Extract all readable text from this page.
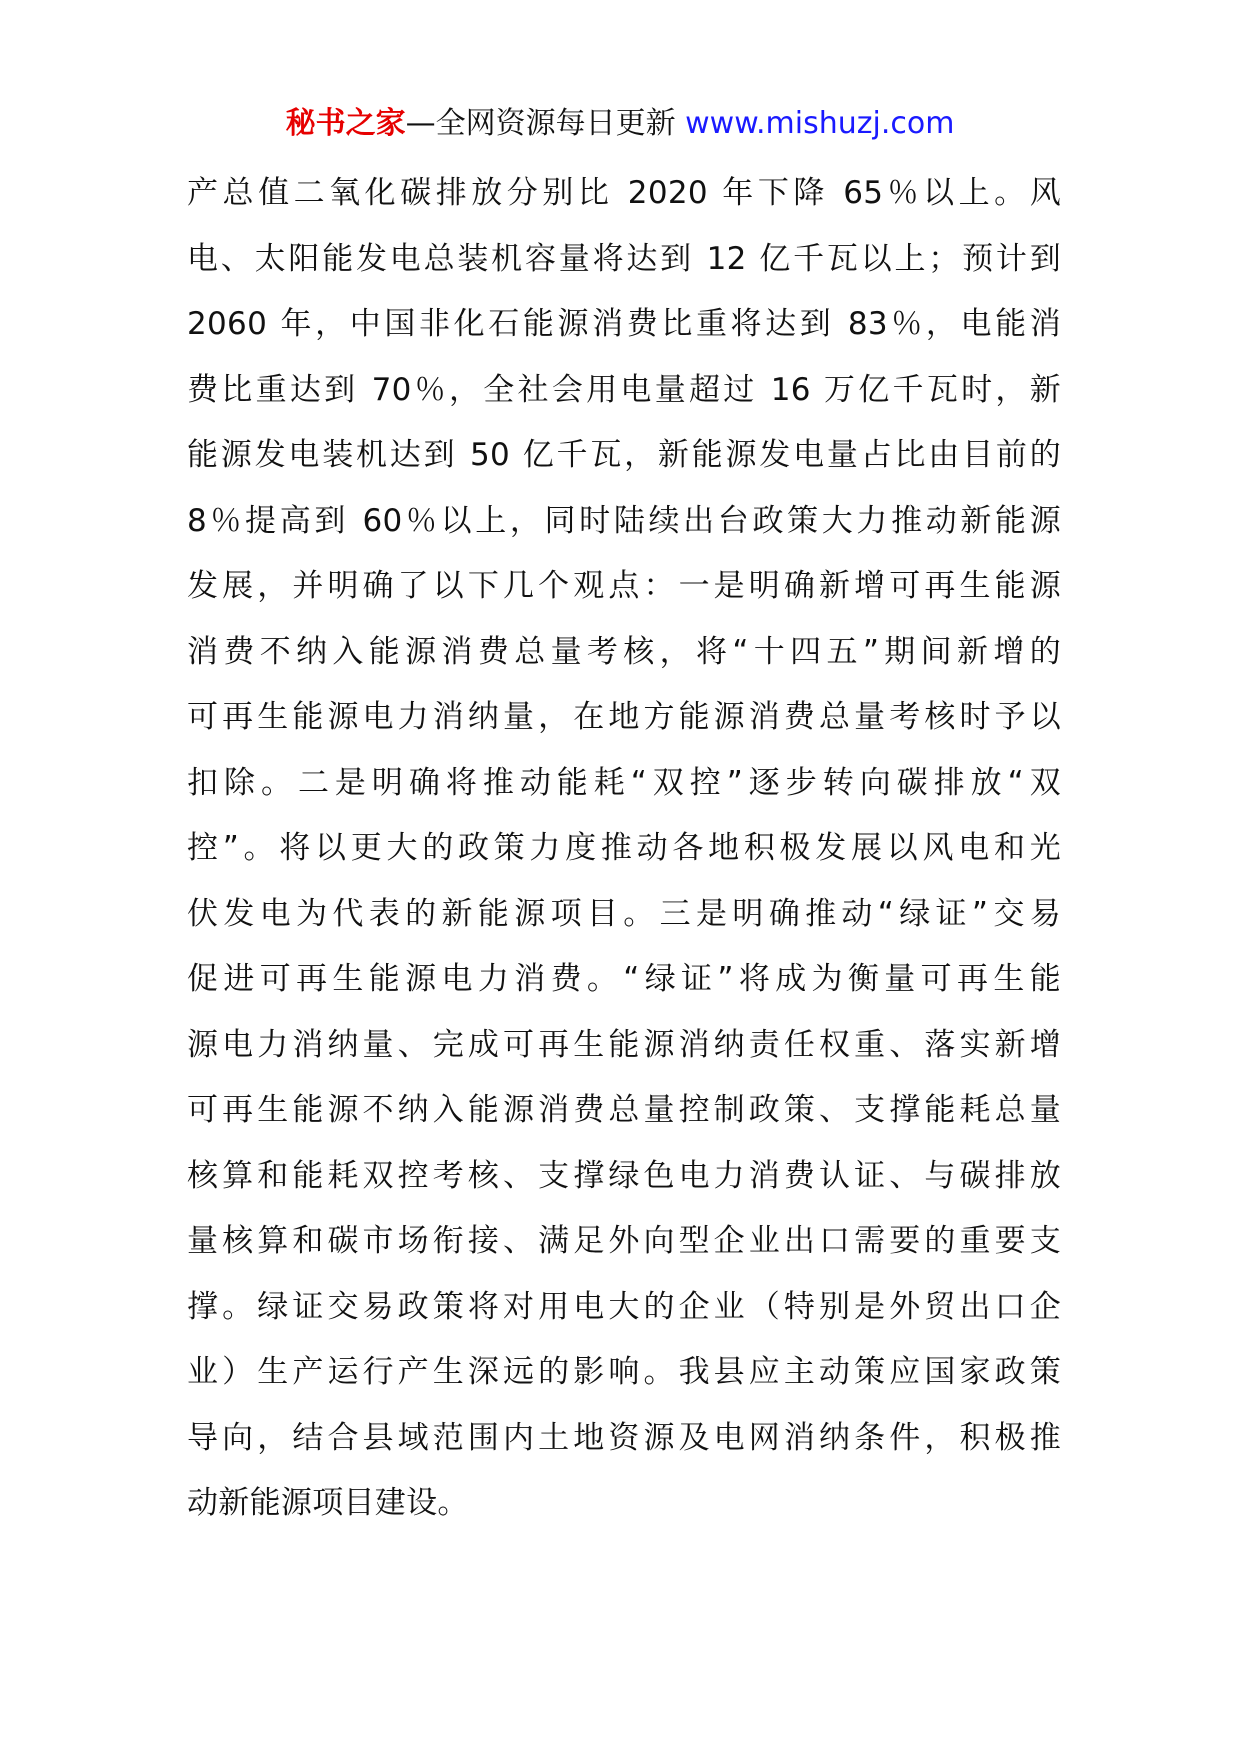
秘书之家—全网资源每日更新 www.mishuzj.com
产总值二氧化碳排放分别比 2020 年下降 65％以上。风
电、太阳能发电总装机容量将达到 12 亿千瓦以上；预计到
2060 年，中国非化石能源消费比重将达到 83％，电能消
费比重达到 70％，全社会用电量超过 16 万亿千瓦时，新
能源发电装机达到 50 亿千瓦，新能源发电量占比由目前的
8％提高到 60％以上，同时陆续出台政策大力推动新能源
发展，并明确了以下几个观点：一是明确新增可再生能源
消费不纳入能源消费总量考核，将“十四五”期间新增的
可再生能源电力消纳量，在地方能源消费总量考核时予以
扣除。二是明确将推动能耗“双控”逐步转向碳排放“双
控”。将以更大的政策力度推动各地积极发展以风电和光
伏发电为代表的新能源项目。三是明确推动“绿证”交易
促进可再生能源电力消费。“绿证”将成为衡量可再生能
源电力消纳量、完成可再生能源消纳责任权重、落实新增
可再生能源不纳入能源消费总量控制政策、支撑能耗总量
核算和能耗双控考核、支撑绿色电力消费认证、与碳排放
量核算和碳市场衔接、满足外向型企业出口需要的重要支
撑。绿证交易政策将对用电大的企业（特别是外贸出口企
业）生产运行产生深远的影响。我县应主动策应国家政策
导向，结合县域范围内土地资源及电网消纳条件，积极推
动新能源项目建设。
